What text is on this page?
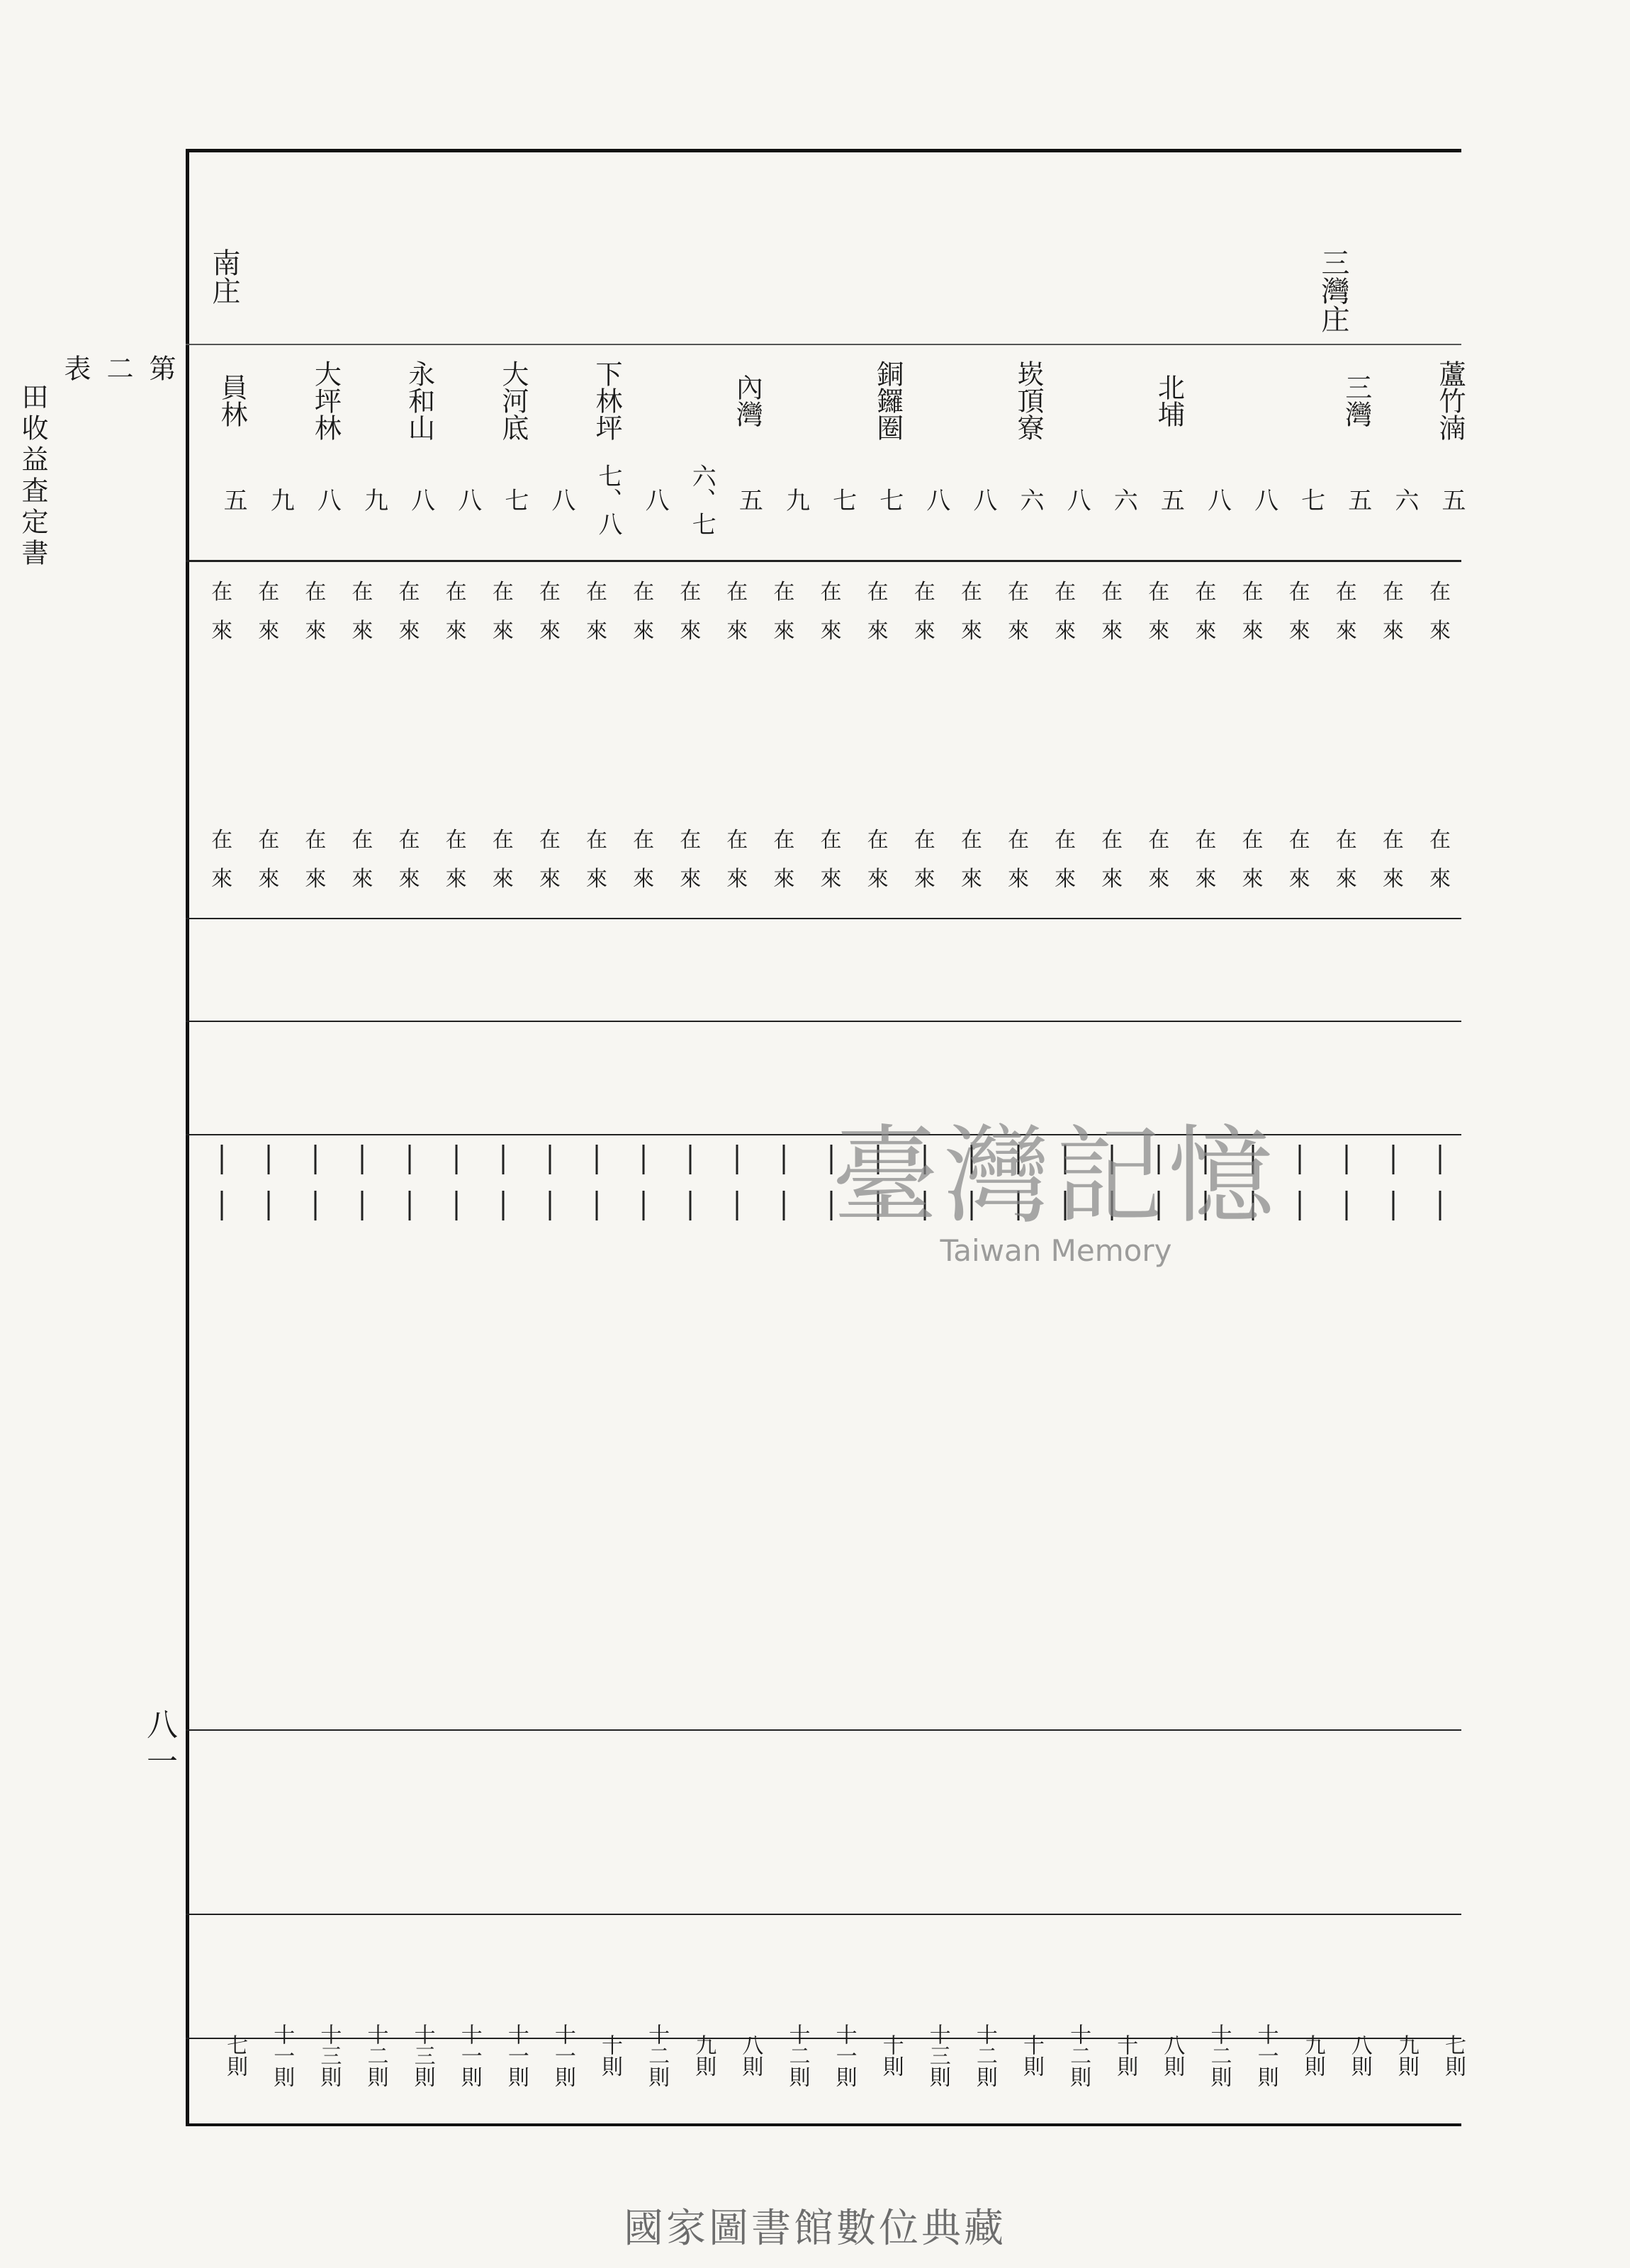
第
二
表
田收益査定書
八一
南庄	三灣庄
蘆竹湳
五
在
來
在
來
七則
六
在
來
在
來
九則
三灣
五
在
來
在
來
八則
七
在
來
在
來
九則
八
在
來
在
來
十一則
八
在
來
在
來
十二則
北埔
五
在
來
在
來
八則
六
在
來
在
來
十則
八
在
來
在
來
十二則
崁頂寮
六
在
來
在
來
十則
八
在
來
在
來
十二則
八
在
來
在
來
十三則
銅鑼圈
七
在
來
在
來
十則
七
在
來
在
來
十一則
九
在
來
在
來
十二則
內灣
五
在
來
在
來
八則
六、七
在
來
在
來
九則
八
在
來
在
來
十二則
下林坪
七、八
在
來
在
來
十則
八
在
來
在
來
十一則
大河底
七
在
來
在
來
十一則
八
在
來
在
來
十一則
永和山
八
在
來
在
來
十三則
九
在
來
在
來
十二則
大坪林
八
在
來
在
來
十三則
九
在
來
在
來
十一則
員林
五
在
來
在
來
七則
臺灣記憶
Taiwan Memory
國家圖書館數位典藏
